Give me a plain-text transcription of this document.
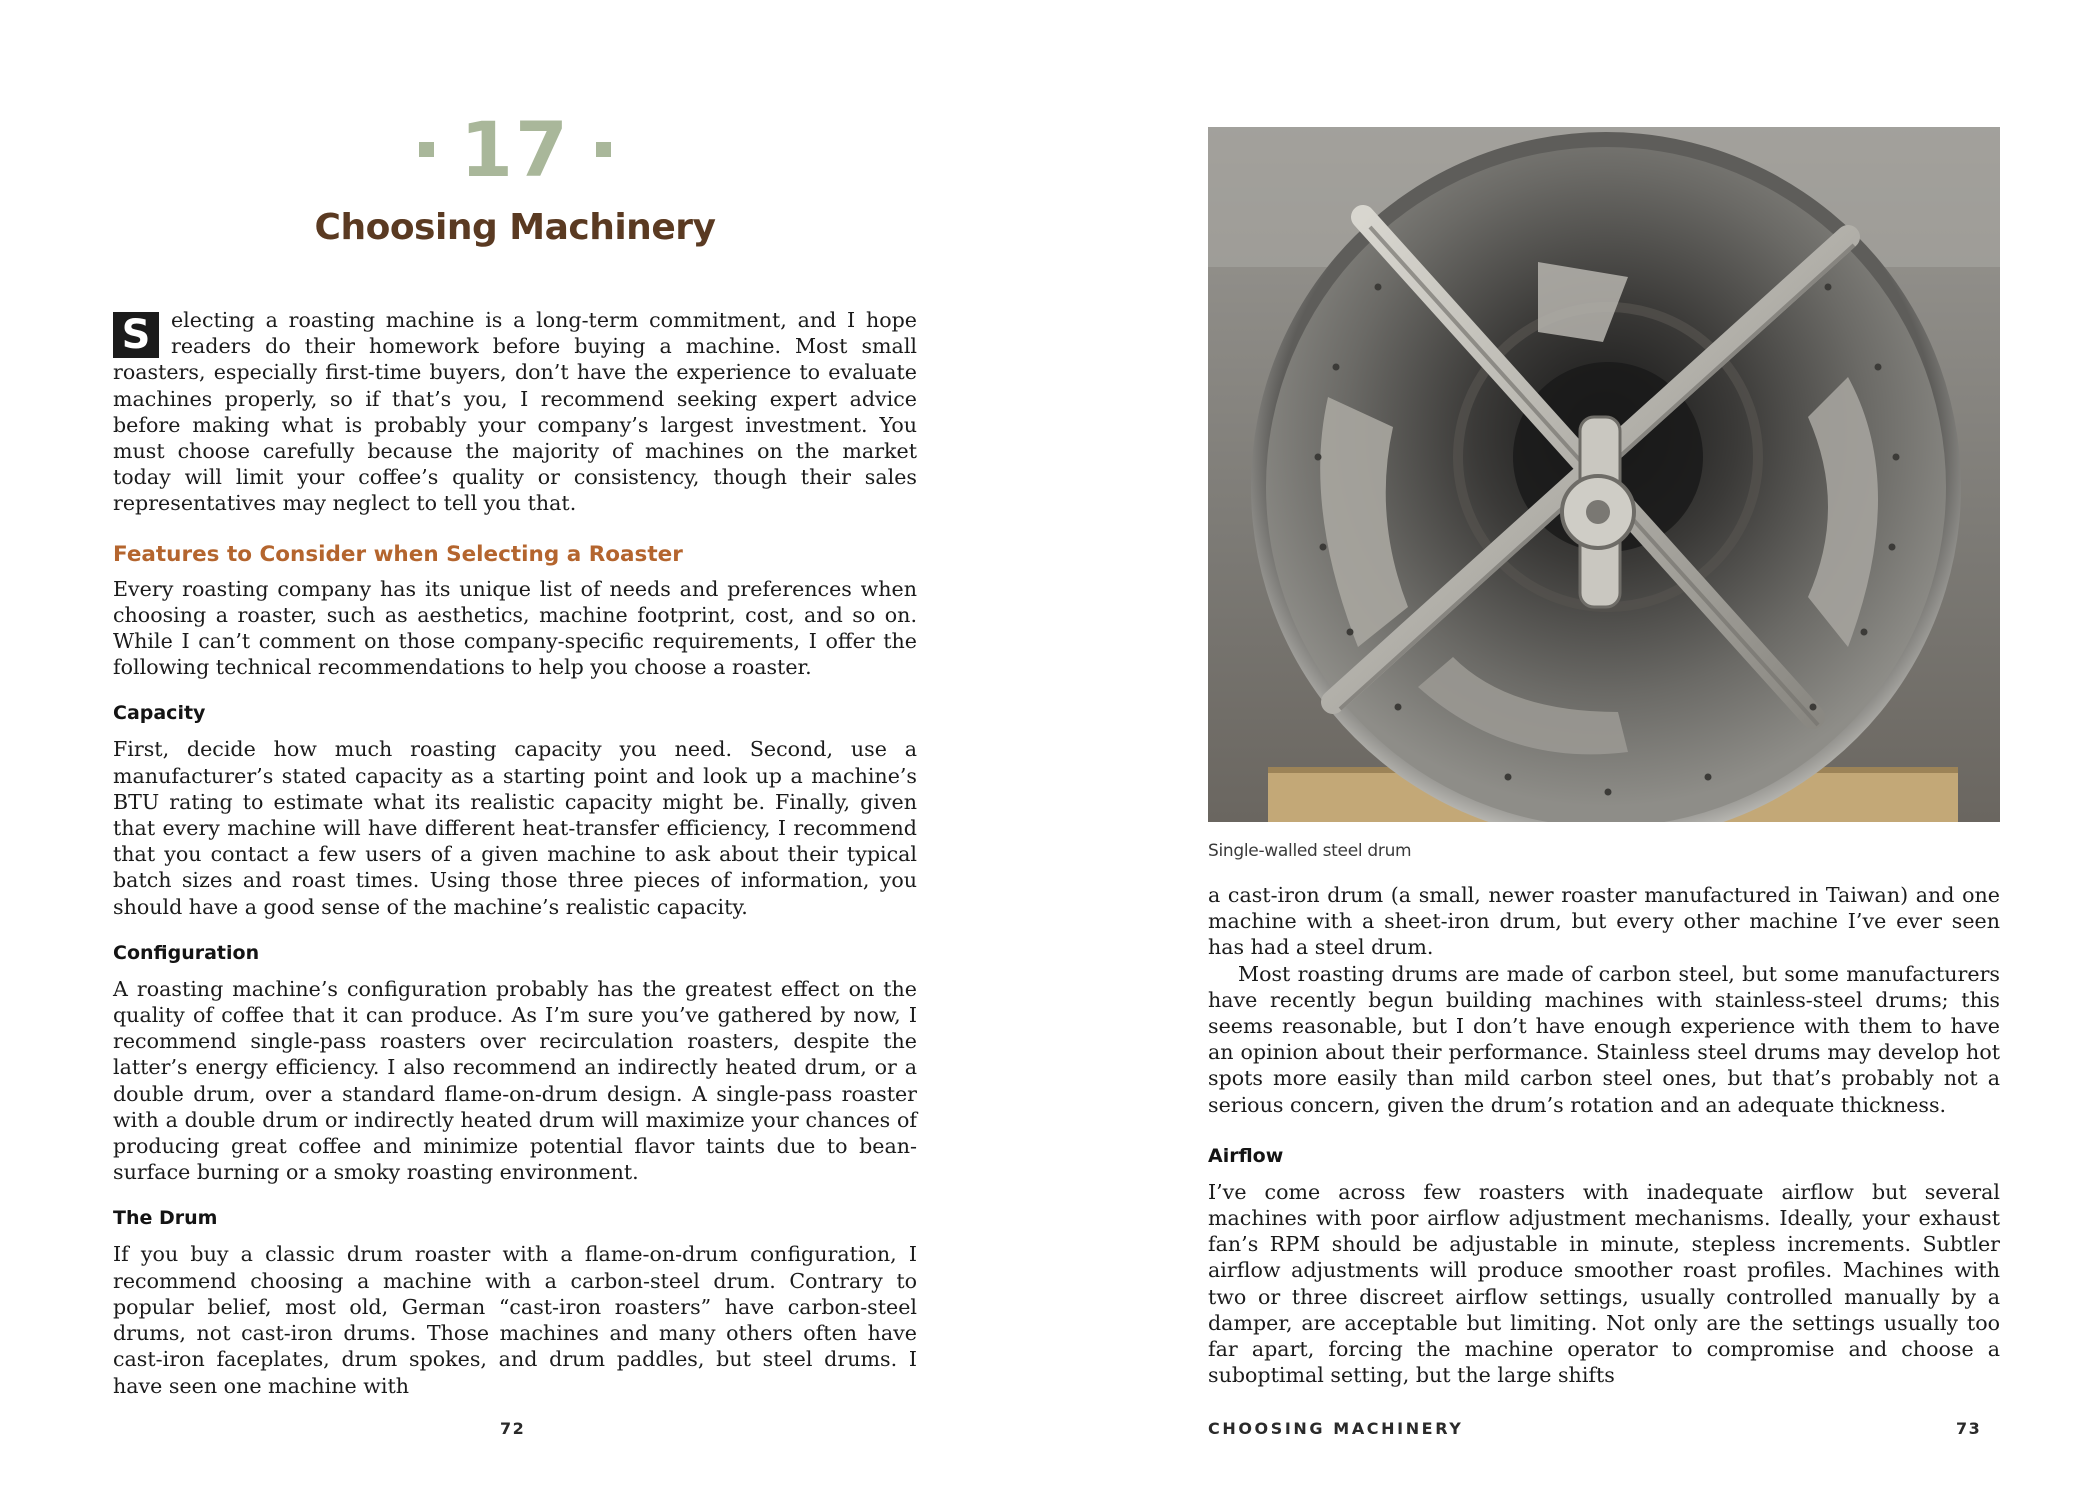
17
Choosing Machinery

S electing a roasting machine is a long-term commitment, and I hope readers do their homework before buying a machine. Most small roasters, especially first-time buyers, don’t have the experience to evaluate machines properly, so if that’s you, I recommend seeking expert advice before making what is probably your company’s largest investment. You must choose carefully because the majority of machines on the market today will limit your coffee’s quality or consistency, though their sales representatives may neglect to tell you that.

Features to Consider when Selecting a Roaster

Every roasting company has its unique list of needs and preferences when choosing a roaster, such as aesthetics, machine footprint, cost, and so on. While I can’t comment on those company-specific requirements, I offer the following technical recommendations to help you choose a roaster.

Capacity

First, decide how much roasting capacity you need. Second, use a manufacturer’s stated capacity as a starting point and look up a machine’s BTU rating to estimate what its realistic capacity might be. Finally, given that every machine will have different heat-transfer efficiency, I recommend that you contact a few users of a given machine to ask about their typical batch sizes and roast times. Using those three pieces of information, you should have a good sense of the machine’s realistic capacity.

Configuration

A roasting machine’s configuration probably has the greatest effect on the quality of coffee that it can produce. As I’m sure you’ve gathered by now, I recommend single-pass roasters over recirculation roasters, despite the latter’s energy efficiency. I also recommend an indirectly heated drum, or a double drum, over a standard flame-on-drum design. A single-pass roaster with a double drum or indirectly heated drum will maximize your chances of producing great coffee and minimize potential flavor taints due to bean-surface burning or a smoky roasting environment.

The Drum

If you buy a classic drum roaster with a flame-on-drum configuration, I recommend choosing a machine with a carbon-steel drum. Contrary to popular belief, most old, German “cast-iron roasters” have carbon-steel drums, not cast-iron drums. Those machines and many others often have cast-iron faceplates, drum spokes, and drum paddles, but steel drums. I have seen one machine with

72
Single-walled steel drum

a cast-iron drum (a small, newer roaster manufactured in Taiwan) and one machine with a sheet-iron drum, but every other machine I’ve ever seen has had a steel drum.

Most roasting drums are made of carbon steel, but some manufacturers have recently begun building machines with stainless-steel drums; this seems reasonable, but I don’t have enough experience with them to have an opinion about their performance. Stainless steel drums may develop hot spots more easily than mild carbon steel ones, but that’s probably not a serious concern, given the drum’s rotation and an adequate thickness.

Airflow

I’ve come across few roasters with inadequate airflow but several machines with poor airflow adjustment mechanisms. Ideally, your exhaust fan’s RPM should be adjustable in minute, stepless increments. Subtler airflow adjustments will produce smoother roast profiles. Machines with two or three discreet airflow settings, usually controlled manually by a damper, are acceptable but limiting. Not only are the settings usually too far apart, forcing the machine operator to compromise and choose a suboptimal setting, but the large shifts

CHOOSING MACHINERY	73
